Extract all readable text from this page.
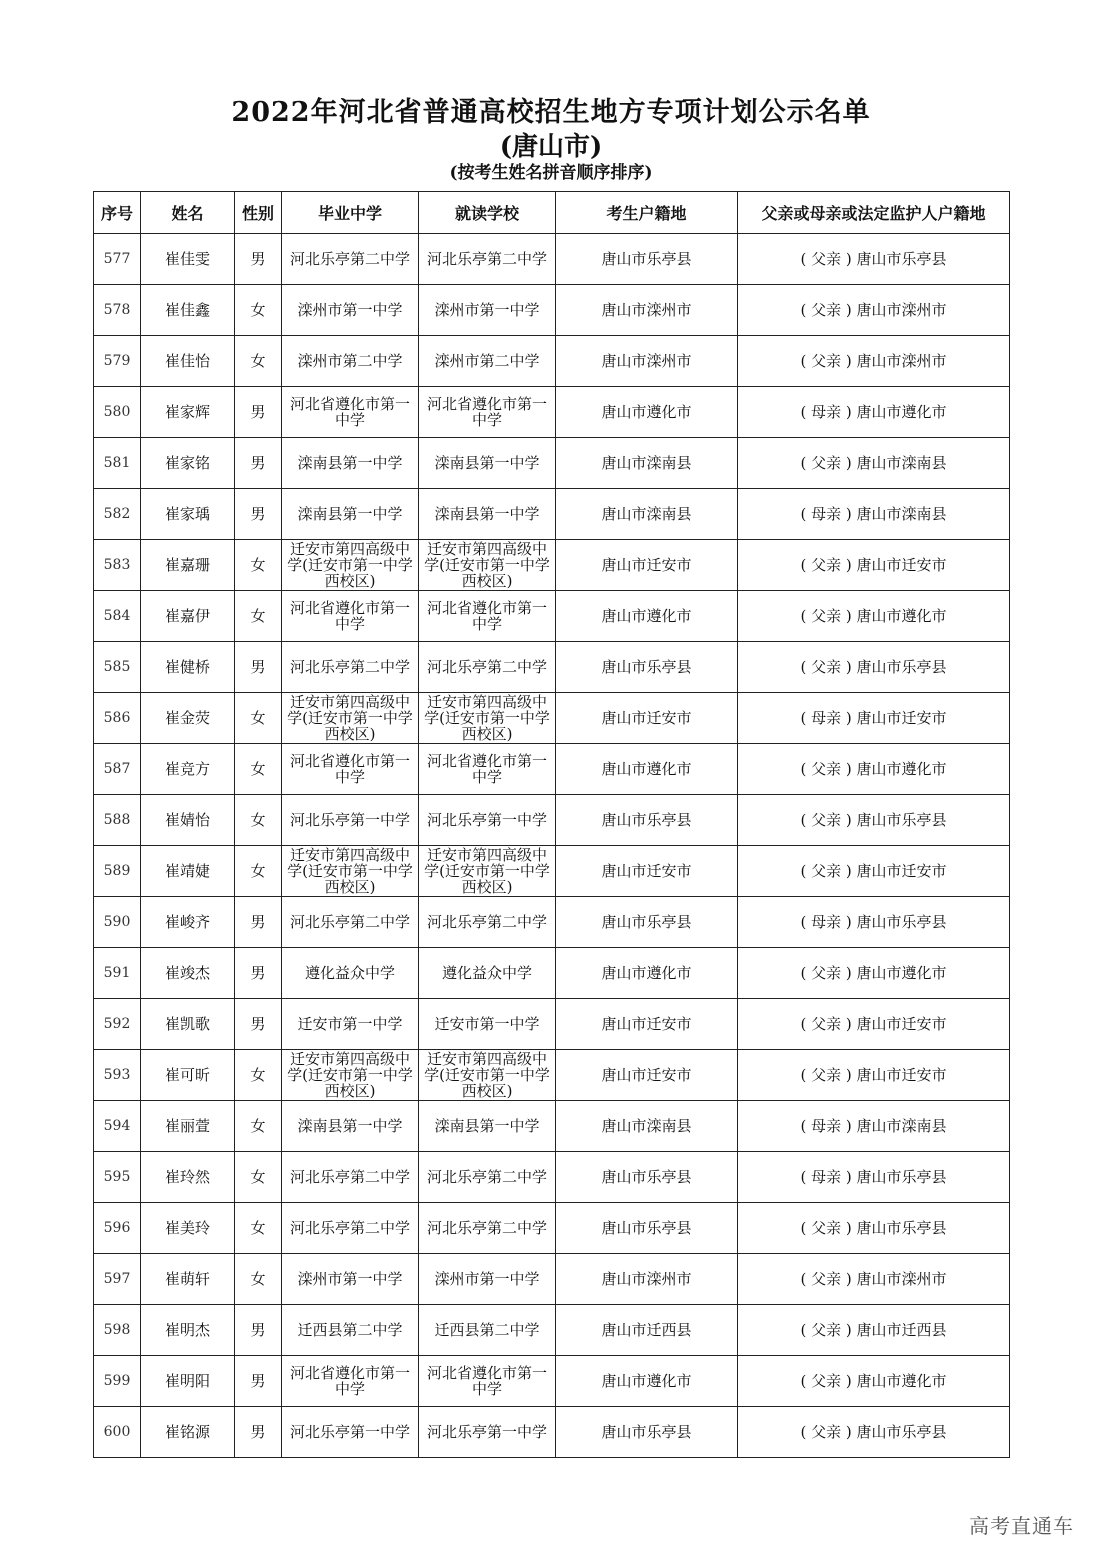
2022年河北省普通高校招生地方专项计划公示名单
(唐山市)
(按考生姓名拼音顺序排序)
序号	姓名	性别	毕业中学	就读学校	考生户籍地	父亲或母亲或法定监护人户籍地
577	崔佳雯	男	河北乐亭第二中学	河北乐亭第二中学	唐山市乐亭县	( 父亲 ) 唐山市乐亭县
578	崔佳鑫	女	滦州市第一中学	滦州市第一中学	唐山市滦州市	( 父亲 ) 唐山市滦州市
579	崔佳怡	女	滦州市第二中学	滦州市第二中学	唐山市滦州市	( 父亲 ) 唐山市滦州市
580	崔家辉	男	河北省遵化市第一中学	河北省遵化市第一中学	唐山市遵化市	( 母亲 ) 唐山市遵化市
581	崔家铭	男	滦南县第一中学	滦南县第一中学	唐山市滦南县	( 父亲 ) 唐山市滦南县
582	崔家瑀	男	滦南县第一中学	滦南县第一中学	唐山市滦南县	( 母亲 ) 唐山市滦南县
583	崔嘉珊	女	迁安市第四高级中学(迁安市第一中学西校区)	迁安市第四高级中学(迁安市第一中学西校区)	唐山市迁安市	( 父亲 ) 唐山市迁安市
584	崔嘉伊	女	河北省遵化市第一中学	河北省遵化市第一中学	唐山市遵化市	( 父亲 ) 唐山市遵化市
585	崔健桥	男	河北乐亭第二中学	河北乐亭第二中学	唐山市乐亭县	( 父亲 ) 唐山市乐亭县
586	崔金荧	女	迁安市第四高级中学(迁安市第一中学西校区)	迁安市第四高级中学(迁安市第一中学西校区)	唐山市迁安市	( 母亲 ) 唐山市迁安市
587	崔竞方	女	河北省遵化市第一中学	河北省遵化市第一中学	唐山市遵化市	( 父亲 ) 唐山市遵化市
588	崔婧怡	女	河北乐亭第一中学	河北乐亭第一中学	唐山市乐亭县	( 父亲 ) 唐山市乐亭县
589	崔靖婕	女	迁安市第四高级中学(迁安市第一中学西校区)	迁安市第四高级中学(迁安市第一中学西校区)	唐山市迁安市	( 父亲 ) 唐山市迁安市
590	崔峻齐	男	河北乐亭第二中学	河北乐亭第二中学	唐山市乐亭县	( 母亲 ) 唐山市乐亭县
591	崔竣杰	男	遵化益众中学	遵化益众中学	唐山市遵化市	( 父亲 ) 唐山市遵化市
592	崔凯歌	男	迁安市第一中学	迁安市第一中学	唐山市迁安市	( 父亲 ) 唐山市迁安市
593	崔可昕	女	迁安市第四高级中学(迁安市第一中学西校区)	迁安市第四高级中学(迁安市第一中学西校区)	唐山市迁安市	( 父亲 ) 唐山市迁安市
594	崔丽萱	女	滦南县第一中学	滦南县第一中学	唐山市滦南县	( 母亲 ) 唐山市滦南县
595	崔玲然	女	河北乐亭第二中学	河北乐亭第二中学	唐山市乐亭县	( 母亲 ) 唐山市乐亭县
596	崔美玲	女	河北乐亭第二中学	河北乐亭第二中学	唐山市乐亭县	( 父亲 ) 唐山市乐亭县
597	崔萌轩	女	滦州市第一中学	滦州市第一中学	唐山市滦州市	( 父亲 ) 唐山市滦州市
598	崔明杰	男	迁西县第二中学	迁西县第二中学	唐山市迁西县	( 父亲 ) 唐山市迁西县
599	崔明阳	男	河北省遵化市第一中学	河北省遵化市第一中学	唐山市遵化市	( 父亲 ) 唐山市遵化市
600	崔铭源	男	河北乐亭第一中学	河北乐亭第一中学	唐山市乐亭县	( 父亲 ) 唐山市乐亭县
高考直通车
